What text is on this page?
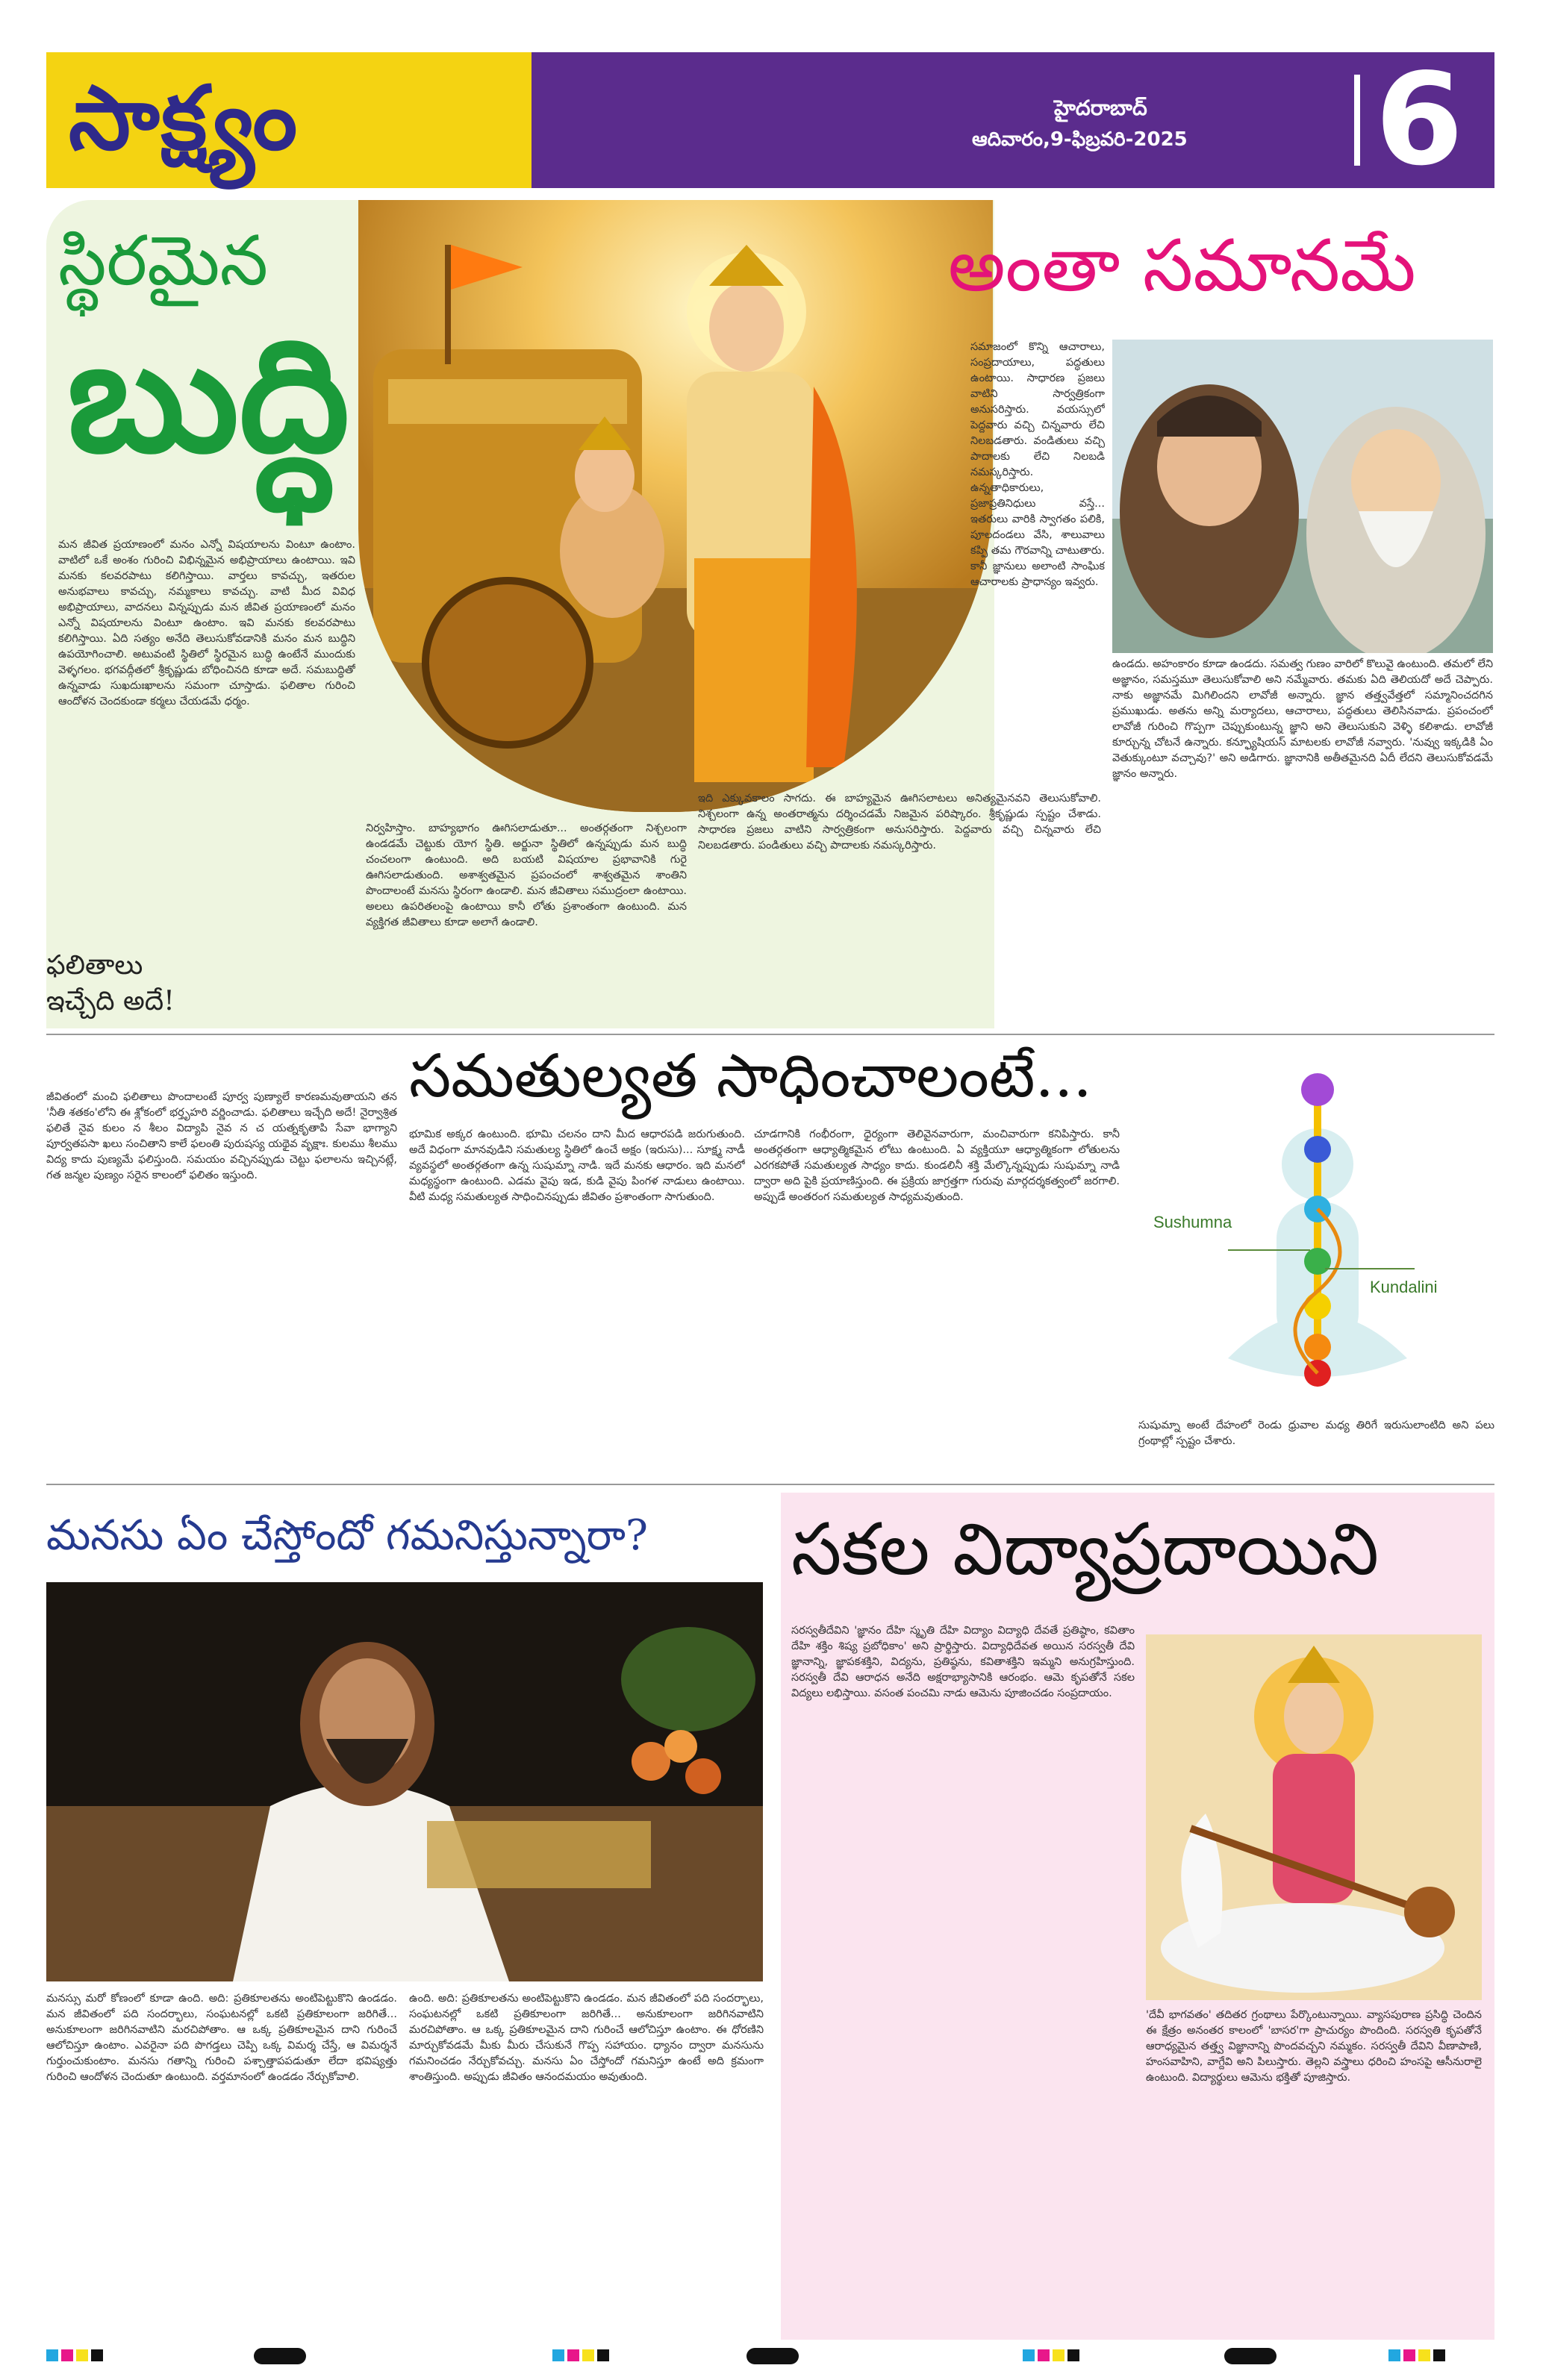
సాక్ష్యం	హైదరాబాద్
ఆదివారం,9-ఫిబ్రవరి-2025 6
స్థిరమైన
బుద్ధి
అంతా సమానమే
మన జీవిత ప్రయాణంలో మనం ఎన్నో విషయాలను వింటూ ఉంటాం. వాటిలో ఒకే అంశం గురించి విభిన్నమైన అభిప్రాయాలు ఉంటాయి. ఇవి మనకు కలవరపాటు కలిగిస్తాయి. వార్తలు కావచ్చు, ఇతరుల అనుభవాలు కావచ్చు, నమ్మకాలు కావచ్చు. వాటి మీద వివిధ అభిప్రాయాలు, వాదనలు విన్నప్పుడు మన జీవిత ప్రయాణంలో మనం ఎన్నో విషయాలను వింటూ ఉంటాం. ఇవి మనకు కలవరపాటు కలిగిస్తాయి. ఏది సత్యం అనేది తెలుసుకోవడానికి మనం మన బుద్ధిని ఉపయోగించాలి. అటువంటి స్థితిలో స్థిరమైన బుద్ధి ఉంటేనే ముందుకు వెళ్ళగలం. భగవద్గీతలో శ్రీకృష్ణుడు బోధించినది కూడా అదే. సమబుద్ధితో ఉన్నవాడు సుఖదుఃఖాలను సమంగా చూస్తాడు. ఫలితాల గురించి ఆందోళన చెందకుండా కర్మలు చేయడమే ధర్మం.
నిర్వహిస్తాం. బాహ్యభాగం ఊగిసలాడుతూ... అంతర్గతంగా నిశ్చలంగా ఉండడమే చెట్టుకు యోగ స్థితి. అర్జునా స్థితిలో ఉన్నప్పుడు మన బుద్ధి చంచలంగా ఉంటుంది. అది బయటి విషయాల ప్రభావానికి గురై ఊగిసలాడుతుంది. అశాశ్వతమైన ప్రపంచంలో శాశ్వతమైన శాంతిని పొందాలంటే మనసు స్థిరంగా ఉండాలి. మన జీవితాలు సముద్రంలా ఉంటాయి. అలలు ఉపరితలంపై ఉంటాయి కానీ లోతు ప్రశాంతంగా ఉంటుంది. మన వ్యక్తిగత జీవితాలు కూడా అలాగే ఉండాలి.
సమాజంలో కొన్ని ఆచారాలు, సంప్రదాయాలు, పద్ధతులు ఉంటాయి. సాధారణ ప్రజలు వాటిని సార్వత్రికంగా అనుసరిస్తారు. వయస్సులో పెద్దవారు వచ్చి చిన్నవారు లేచి నిలబడతారు. వండితులు వచ్చి పాదాలకు లేచి నిలబడి నమస్కరిస్తారు. ఉన్నతాధికారులు, ప్రజాప్రతినిధులు వస్తే... ఇతరులు వారికి స్వాగతం పలికి, పూలదండలు వేసి, శాలువాలు కప్పి తమ గౌరవాన్ని చాటుతారు. కానీ జ్ఞానులు అలాంటి సాంఘిక ఆచారాలకు ప్రాధాన్యం ఇవ్వరు.
ఇది ఎక్కువకాలం సాగదు. ఈ బాహ్యమైన ఊగిసలాటలు అనిత్యమైనవని తెలుసుకోవాలి. నిశ్చలంగా ఉన్న అంతరాత్మను దర్శించడమే నిజమైన పరిష్కారం. శ్రీకృష్ణుడు స్పష్టం చేశాడు. సాధారణ ప్రజలు వాటిని సార్వత్రికంగా అనుసరిస్తారు. పెద్దవారు వచ్చి చిన్నవారు లేచి నిలబడతారు. పండితులు వచ్చి పాదాలకు నమస్కరిస్తారు.
ఫలితాలు ఇచ్చేది అదే!
ఉండదు. అహంకారం కూడా ఉండదు. సమత్వ గుణం వారిలో కొలువై ఉంటుంది. తమలో లేని అజ్ఞానం, సమస్తమూ తెలుసుకోవాలి అని నమ్మేవారు. తమకు ఏది తెలియదో అదే చెప్పారు. నాకు అజ్ఞానమే మిగిలిందని లావోజీ అన్నారు. జ్ఞాన తత్త్వవేత్తలో సమ్మానించదగిన ప్రముఖుడు. అతను అన్ని మర్యాదలు, ఆచారాలు, పద్ధతులు తెలిసినవాడు. ప్రపంచంలో లావోజీ గురించి గొప్పగా చెప్పుకుంటున్న జ్ఞాని అని తెలుసుకుని వెళ్ళి కలిశాడు. లావోజీ కూర్చున్న చోటనే ఉన్నారు. కన్ఫ్యూషియస్ మాటలకు లావోజీ నవ్వారు. 'నువ్వు ఇక్కడికి ఏం వెతుక్కుంటూ వచ్చావు?' అని అడిగారు. జ్ఞానానికి అతీతమైనది ఏదీ లేదని తెలుసుకోవడమే జ్ఞానం అన్నారు.
సమతుల్యత సాధించాలంటే...
జీవితంలో మంచి ఫలితాలు పొందాలంటే పూర్వ పుణ్యాలే కారణమవుతాయని తన 'నీతి శతకం'లోని ఈ శ్లోకంలో భర్తృహరి వర్ణించాడు. ఫలితాలు ఇచ్చేది అదే! నైర్వాశ్రిత ఫలితే నైవ కులం న శీలం విద్యాపి నైవ న చ యత్నకృతాపి సేవా భాగ్యాని పూర్వతపసా ఖలు సంచితాని కాలే ఫలంతి పురుషస్య యథైవ వృక్షాః. కులము శీలము విద్య కాదు పుణ్యమే ఫలిస్తుంది. సమయం వచ్చినప్పుడు చెట్టు ఫలాలను ఇచ్చినట్లే, గత జన్మల పుణ్యం సరైన కాలంలో ఫలితం ఇస్తుంది.
భూమిక అక్కర ఉంటుంది. భూమి చలనం దాని మీద ఆధారపడి జరుగుతుంది. అదే విధంగా మానవుడిని సమతుల్య స్థితిలో ఉంచే అక్షం (ఇరుసు)... సూక్ష్మ నాడీ వ్యవస్థలో అంతర్గతంగా ఉన్న సుషుమ్నా నాడి. ఇదే మనకు ఆధారం. ఇది మనలో మధ్యస్థంగా ఉంటుంది. ఎడమ వైపు ఇడ, కుడి వైపు పింగళ నాడులు ఉంటాయి. వీటి మధ్య సమతుల్యత సాధించినప్పుడు జీవితం ప్రశాంతంగా సాగుతుంది.
చూడగానికి గంభీరంగా, ధైర్యంగా తెలివైనవారుగా, మంచివారుగా కనిపిస్తారు. కానీ అంతర్గతంగా ఆధ్యాత్మికమైన లోటు ఉంటుంది. ఏ వ్యక్తియూ ఆధ్యాత్మికంగా లోతులను ఎరగకపోతే సమతుల్యత సాధ్యం కాదు. కుండలినీ శక్తి మేల్కొన్నప్పుడు సుషుమ్నా నాడి ద్వారా అది పైకి ప్రయాణిస్తుంది. ఈ ప్రక్రియ జాగ్రత్తగా గురువు మార్గదర్శకత్వంలో జరగాలి. అప్పుడే అంతరంగ సమతుల్యత సాధ్యమవుతుంది.
Sushumna
Kundalini
సుషుమ్నా అంటే దేహంలో రెండు ధ్రువాల మధ్య తిరిగే ఇరుసులాంటిది అని పలు గ్రంథాల్లో స్పష్టం చేశారు.
మనసు ఏం చేస్తోందో గమనిస్తున్నారా?
మనస్సు మరో కోణంలో కూడా ఉంది. అది: ప్రతికూలతను అంటిపెట్టుకొని ఉండడం. మన జీవితంలో పది సందర్భాలు, సంఘటనల్లో ఒకటి ప్రతికూలంగా జరిగితే... అనుకూలంగా జరిగినవాటిని మరచిపోతాం. ఆ ఒక్క ప్రతికూలమైన దాని గురించే ఆలోచిస్తూ ఉంటాం. ఎవరైనా పది పొగడ్తలు చెప్పి ఒక్క విమర్శ చేస్తే, ఆ విమర్శనే గుర్తుంచుకుంటాం. మనసు గతాన్ని గురించి పశ్చాత్తాపపడుతూ లేదా భవిష్యత్తు గురించి ఆందోళన చెందుతూ ఉంటుంది. వర్తమానంలో ఉండడం నేర్చుకోవాలి.
ఉంది. అది: ప్రతికూలతను అంటిపెట్టుకొని ఉండడం. మన జీవితంలో పది సందర్భాలు, సంఘటనల్లో ఒకటి ప్రతికూలంగా జరిగితే... అనుకూలంగా జరిగినవాటిని మరచిపోతాం. ఆ ఒక్క ప్రతికూలమైన దాని గురించే ఆలోచిస్తూ ఉంటాం. ఈ ధోరణిని మార్చుకోవడమే మీకు మీరు చేసుకునే గొప్ప సహాయం. ధ్యానం ద్వారా మనసును గమనించడం నేర్చుకోవచ్చు. మనసు ఏం చేస్తోందో గమనిస్తూ ఉంటే అది క్రమంగా శాంతిస్తుంది. అప్పుడు జీవితం ఆనందమయం అవుతుంది.
సకల విద్యాప్రదాయిని
సరస్వతీదేవిని 'జ్ఞానం దేహి స్మృతి దేహి విద్యాం విద్యాధి దేవతే ప్రతిష్ఠాం, కవితాం దేహి శక్తిం శిష్య ప్రబోధికాం' అని ప్రార్థిస్తారు. విద్యాధిదేవత అయిన సరస్వతీ దేవి జ్ఞానాన్ని, జ్ఞాపకశక్తిని, విద్యను, ప్రతిష్ఠను, కవితాశక్తిని ఇమ్మని అనుగ్రహిస్తుంది. సరస్వతీ దేవి ఆరాధన అనేది అక్షరాభ్యాసానికి ఆరంభం. ఆమె కృపతోనే సకల విద్యలు లభిస్తాయి. వసంత పంచమి నాడు ఆమెను పూజించడం సంప్రదాయం.
'దేవీ భాగవతం' తదితర గ్రంథాలు పేర్కొంటున్నాయి. వ్యాసపురాణ ప్రసిద్ధి చెందిన ఈ క్షేత్రం అనంతర కాలంలో 'బాసర'గా ప్రాచుర్యం పొందింది. సరస్వతి కృపతోనే ఆరాధ్యమైన తత్త్వ విజ్ఞానాన్ని పొందవచ్చని నమ్మకం. సరస్వతీ దేవిని వీణాపాణి, హంసవాహిని, వాగ్దేవి అని పిలుస్తారు. తెల్లని వస్త్రాలు ధరించి హంసపై ఆసీనురాలై ఉంటుంది. విద్యార్థులు ఆమెను భక్తితో పూజిస్తారు.
